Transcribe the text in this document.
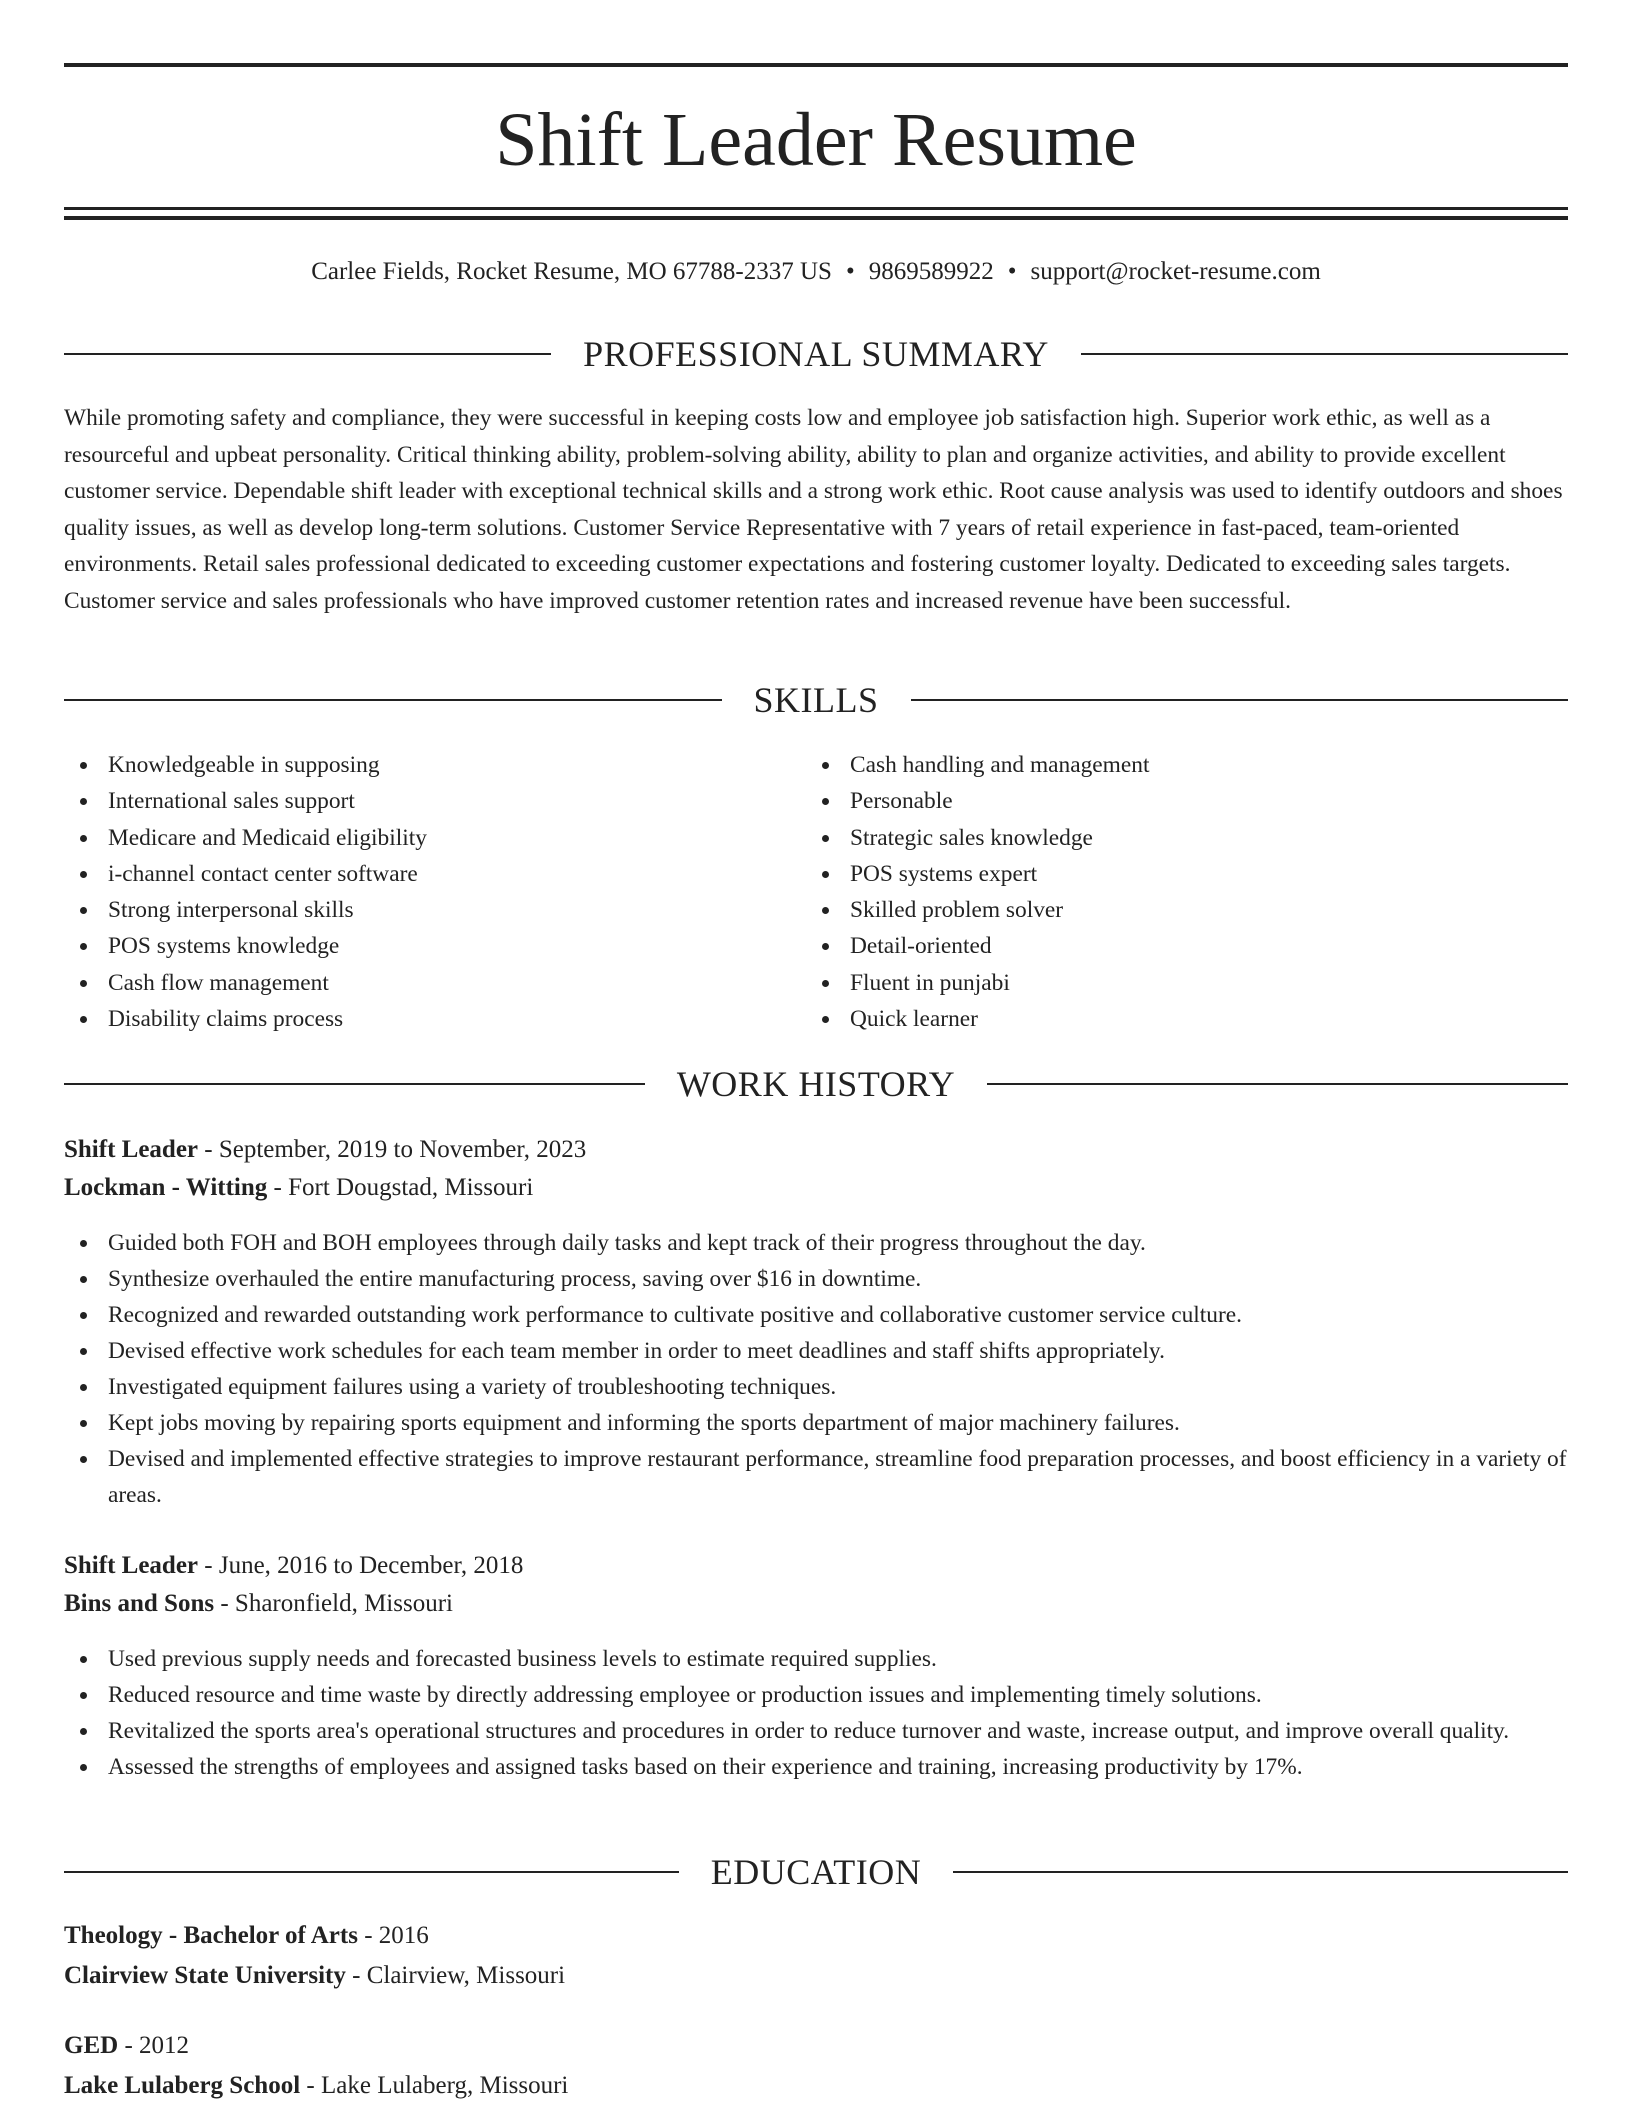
Shift Leader Resume
Carlee Fields, Rocket Resume, MO 67788-2337 US • 9869589922 • support@rocket-resume.com
PROFESSIONAL SUMMARY

While promoting safety and compliance, they were successful in keeping costs low and employee job satisfaction high. Superior work ethic, as well as a resourceful and upbeat personality. Critical thinking ability, problem-solving ability, ability to plan and organize activities, and ability to provide excellent customer service. Dependable shift leader with exceptional technical skills and a strong work ethic. Root cause analysis was used to identify outdoors and shoes quality issues, as well as develop long-term solutions. Customer Service Representative with 7 years of retail experience in fast-paced, team-oriented environments. Retail sales professional dedicated to exceeding customer expectations and fostering customer loyalty. Dedicated to exceeding sales targets. Customer service and sales professionals who have improved customer retention rates and increased revenue have been successful.

SKILLS
Knowledgeable in supposing
International sales support
Medicare and Medicaid eligibility
i-channel contact center software
Strong interpersonal skills
POS systems knowledge
Cash flow management
Disability claims process
Cash handling and management
Personable
Strategic sales knowledge
POS systems expert
Skilled problem solver
Detail-oriented
Fluent in punjabi
Quick learner
WORK HISTORY
Shift Leader - September, 2019 to November, 2023
Lockman - Witting - Fort Dougstad, Missouri
Guided both FOH and BOH employees through daily tasks and kept track of their progress throughout the day.
Synthesize overhauled the entire manufacturing process, saving over $16 in downtime.
Recognized and rewarded outstanding work performance to cultivate positive and collaborative customer service culture.
Devised effective work schedules for each team member in order to meet deadlines and staff shifts appropriately.
Investigated equipment failures using a variety of troubleshooting techniques.
Kept jobs moving by repairing sports equipment and informing the sports department of major machinery failures.
Devised and implemented effective strategies to improve restaurant performance, streamline food preparation processes, and boost efficiency in a variety of areas.
Shift Leader - June, 2016 to December, 2018
Bins and Sons - Sharonfield, Missouri
Used previous supply needs and forecasted business levels to estimate required supplies.
Reduced resource and time waste by directly addressing employee or production issues and implementing timely solutions.
Revitalized the sports area's operational structures and procedures in order to reduce turnover and waste, increase output, and improve overall quality.
Assessed the strengths of employees and assigned tasks based on their experience and training, increasing productivity by 17%.
EDUCATION
Theology - Bachelor of Arts - 2016
Clairview State University - Clairview, Missouri
GED - 2012
Lake Lulaberg School - Lake Lulaberg, Missouri
